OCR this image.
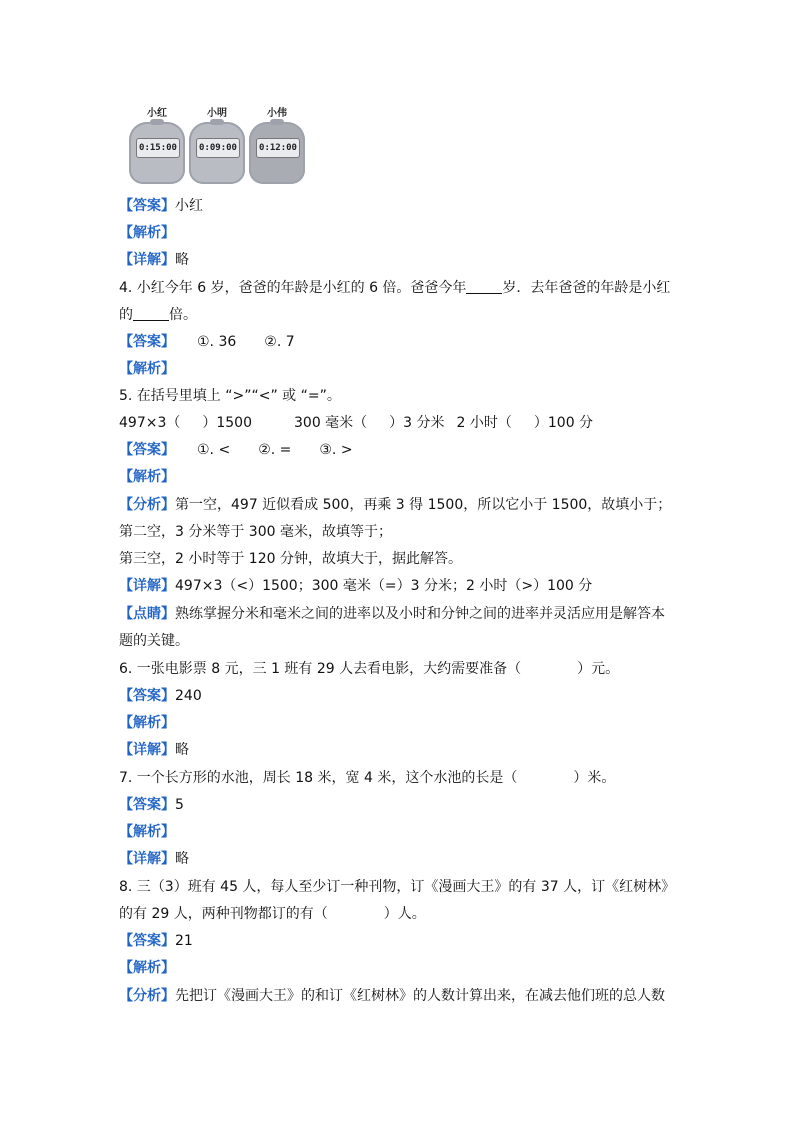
小红
0:15:00
小明
0:09:00
小伟
0:12:00
【答案】小红
【解析】
【详解】略
4. 小红今年 6 岁，爸爸的年龄是小红的 6 倍。爸爸今年	岁．去年爸爸的年龄是小红
的	倍。
【答案】 ①. 36 ②. 7
【解析】
5. 在括号里填上 “>”“<” 或 “=”。
497×3（ ）1500	300 毫米（ ）3 分米 2 小时（ ）100 分
【答案】 ①. < ②. = ③. >
【解析】
【分析】第一空，497 近似看成 500，再乘 3 得 1500，所以它小于 1500，故填小于；
第二空，3 分米等于 300 毫米，故填等于；
第三空，2 小时等于 120 分钟，故填大于，据此解答。
【详解】497×3（<）1500；300 毫米（=）3 分米；2 小时（>）100 分
【点睛】熟练掌握分米和毫米之间的进率以及小时和分钟之间的进率并灵活应用是解答本
题的关键。
6. 一张电影票 8 元，三 1 班有 29 人去看电影，大约需要准备（　　　　）元。
【答案】240
【解析】
【详解】略
7. 一个长方形的水池，周长 18 米，宽 4 米，这个水池的长是（　　　　）米。
【答案】5
【解析】
【详解】略
8. 三（3）班有 45 人，每人至少订一种刊物，订《漫画大王》的有 37 人，订《红树林》
的有 29 人，两种刊物都订的有（　　　　）人。
【答案】21
【解析】
【分析】先把订《漫画大王》的和订《红树林》的人数计算出来，在减去他们班的总人数
